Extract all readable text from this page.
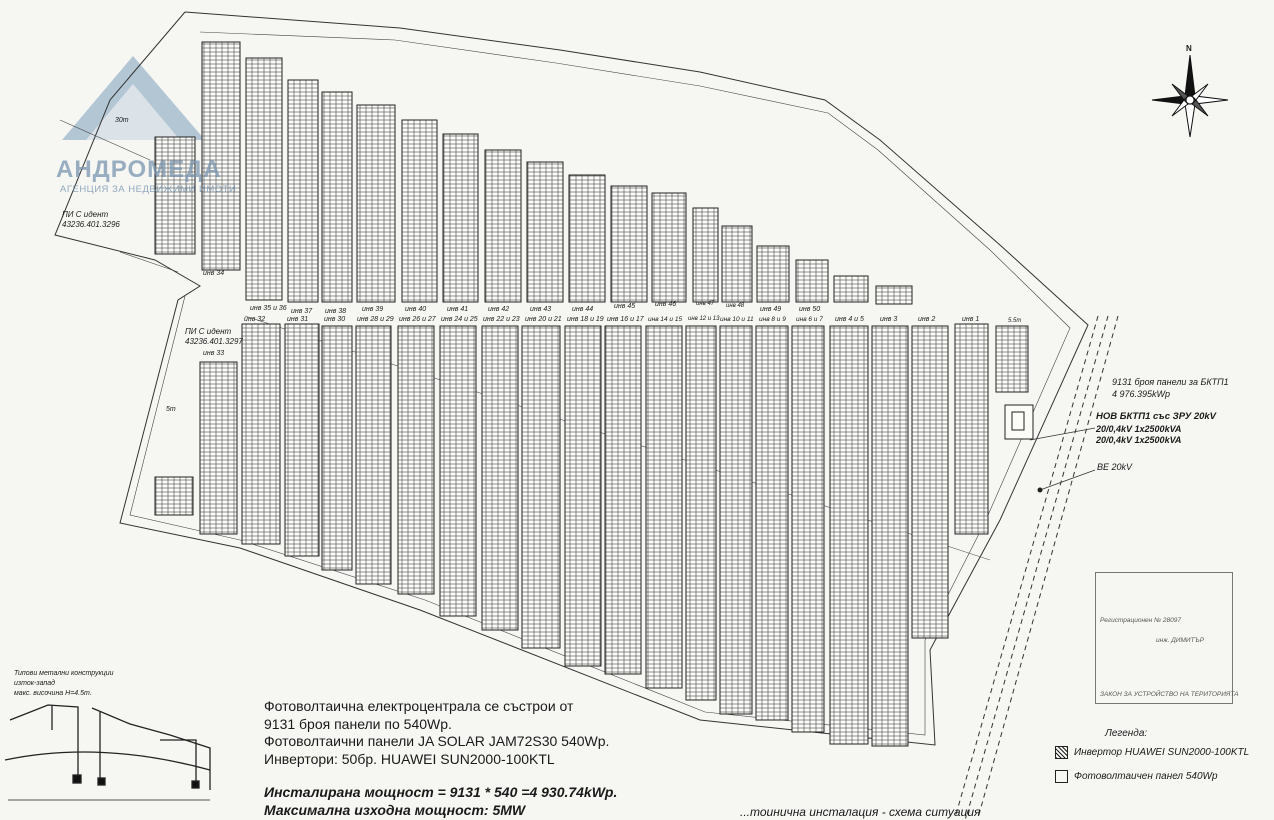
АНДРОМЕДА
АГЕНЦИЯ ЗА НЕДВИЖИМИ ИМОТИ
N
ПИ С идент
43236.401.3296
ПИ С идент
43236.401.3297
30m
5m
5.5m
инв 34
инв 35 и 36 инв 37 инв 38 инв 39	инв 40	инв 41	инв 42	инв 43	инв 44	инв 45	инв 46	инв 47 инв 48 инв 49	инв 50
инв 32	инв 31 инв 30 инв 28 и 29 инв 26 и 27 инв 24 и 25 инв 22 и 23 инв 20 и 21 инв 18 и 19 инв 16 и 17 инв 14 и 15 инв 12 и 13 инв 10 и 11 инв 8 и 9 инв 6 и 7 инв 4 и 5 инв 3	инв 2	инв 1
инв 33
9131 броя панели за БКТП1
4 976.395kWp
НОВ БКТП1 със ЗРУ 20kV
20/0,4kV 1x2500kVA
20/0,4kV 1x2500kVA
ВЕ 20kV
Типови метални конструкции
изток-запад
макс. височина H=4.5m.
Фотоволтаична електроцентрала се състрои от
9131 броя панели по 540Wp.
Фотоволтаични панели JA SOLAR JAM72S30 540Wp.
Инвертори: 50бр. HUAWEI SUN2000-100KTL
Инсталирана мощност = 9131 * 540 =4 930.74kWp.
Максимална изходна мощност: 5MW
Легенда:
Инвертор HUAWEI SUN2000-100KTL
Фотоволтаичен панел 540Wp
Регистрационен № 28097
инж. ДИМИТЪР
ЗАКОН ЗА УСТРОЙСТВО НА ТЕРИТОРИЯТА
...тоинична инсталация - схема ситуация
